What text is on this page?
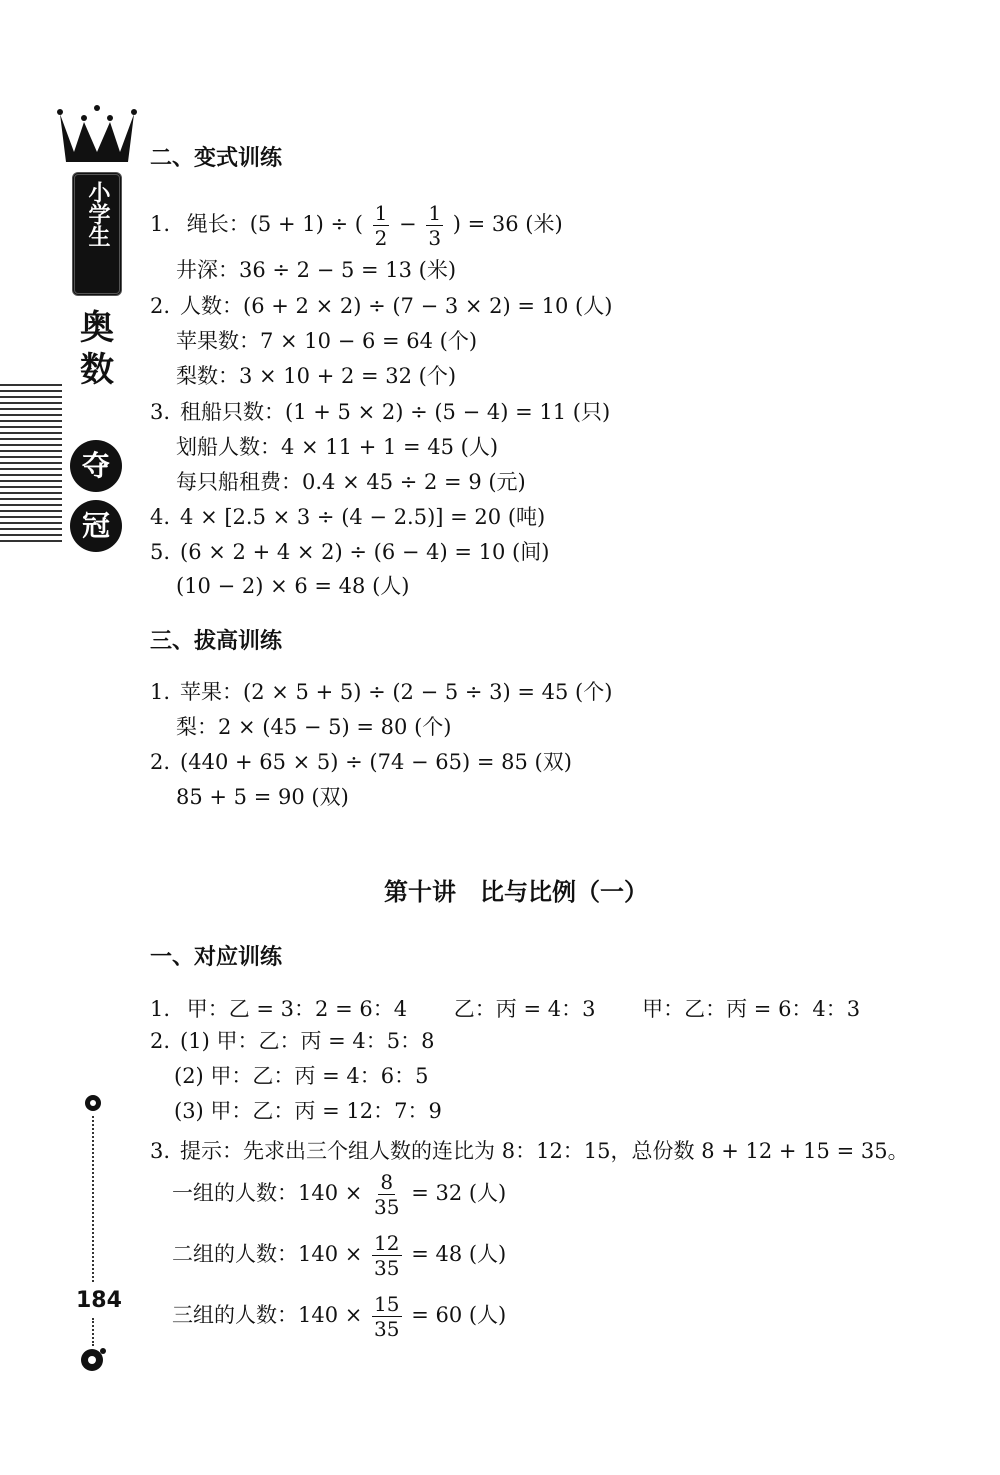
小学生
奥
数
夺
冠
二、变式训练
1. 绳长：(5 + 1) ÷ ( $\frac{1}{2} - \frac{1}{3}$ ) = 36 (米)
井深：36 ÷ 2 − 5 = 13 (米)
2. 人数：(6 + 2 × 2) ÷ (7 − 3 × 2) = 10 (人)
苹果数：7 × 10 − 6 = 64 (个)
梨数：3 × 10 + 2 = 32 (个)
3. 租船只数：(1 + 5 × 2) ÷ (5 − 4) = 11 (只)
划船人数：4 × 11 + 1 = 45 (人)
每只船租费：0.4 × 45 ÷ 2 = 9 (元)
4. 4 × [2.5 × 3 ÷ (4 − 2.5)] = 20 (吨)
5. (6 × 2 + 4 × 2) ÷ (6 − 4) = 10 (间)
(10 − 2) × 6 = 48 (人)
三、拔高训练
1. 苹果：(2 × 5 + 5) ÷ (2 − 5 ÷ 3) = 45 (个)
梨：2 × (45 − 5) = 80 (个)
2. (440 + 65 × 5) ÷ (74 − 65) = 85 (双)
85 + 5 = 90 (双)
第十讲　比与比例（一）
一、对应训练
1. 甲：乙 = 3：2 = 6：4 乙：丙 = 4：3 甲：乙：丙 = 6：4：3
2. (1) 甲：乙：丙 = 4：5：8
(2) 甲：乙：丙 = 4：6：5
(3) 甲：乙：丙 = 12：7：9
3. 提示：先求出三个组人数的连比为 8：12：15，总份数 8 + 12 + 15 = 35。
一组的人数：$140 \times \frac{8}{35} = 32$ (人)
二组的人数：$140 \times \frac{12}{35} = 48$ (人)
三组的人数：$140 \times \frac{15}{35} = 60$ (人)
184
